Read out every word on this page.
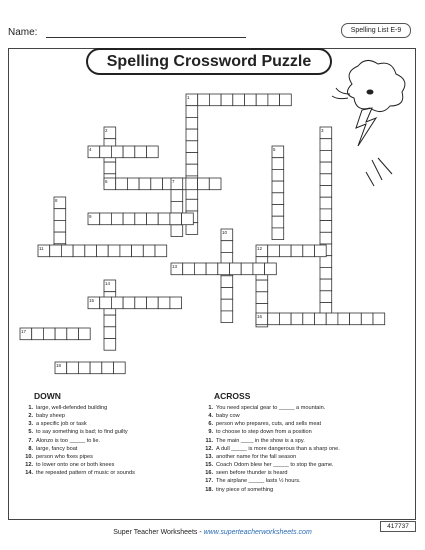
Name:	Spelling List E-9
Spelling Crossword Puzzle
1
2	3
4	5
6	7
8
9
10
11	12
13
14
15
16
17
18
DOWN	ACROSS
1. large, well-defended building
2. baby sheep
3. a specific job or task
5. to say something is bad; to find guilty
7. Alonzo is too _____ to lie.
8. large, fancy boat
10. person who fixes pipes
12. to lower onto one or both knees
14. the repeated pattern of music or sounds
1. You need special gear to _____ a mountain.
4. baby cow
6. person who prepares, cuts, and sells meat
9. to choose to step down from a position
11. The main ____ in the show is a spy.
12. A dull _____ is more dangerous than a sharp one.
13. another name for the fall season
15. Coach Odom blew her _____ to stop the game.
16. seen before thunder is heard
17. The airplane _____ lasts ½ hours.
18. tiny piece of something
Super Teacher Worksheets - www.superteacherworksheets.com
417737
